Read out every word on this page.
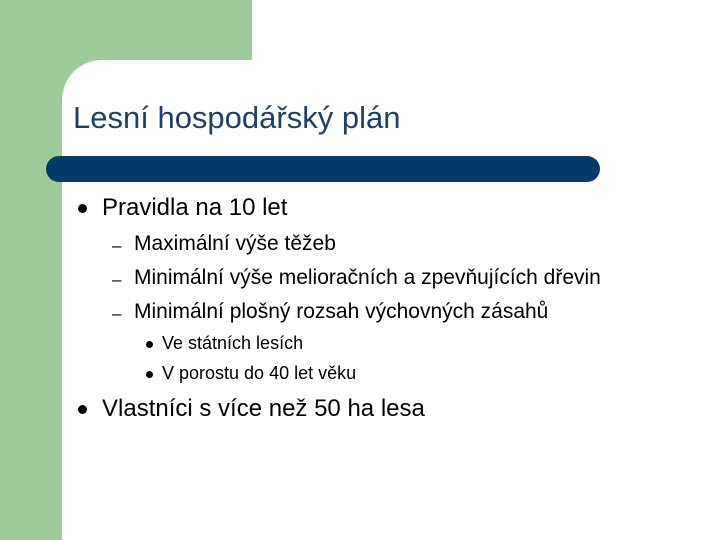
Lesní hospodářský plán
Pravidla na 10 let
– Maximální výše těžeb
– Minimální výše melioračních a zpevňujících dřevin
– Minimální plošný rozsah výchovných zásahů
Ve státních lesích
V porostu do 40 let věku
Vlastníci s více než 50 ha lesa
